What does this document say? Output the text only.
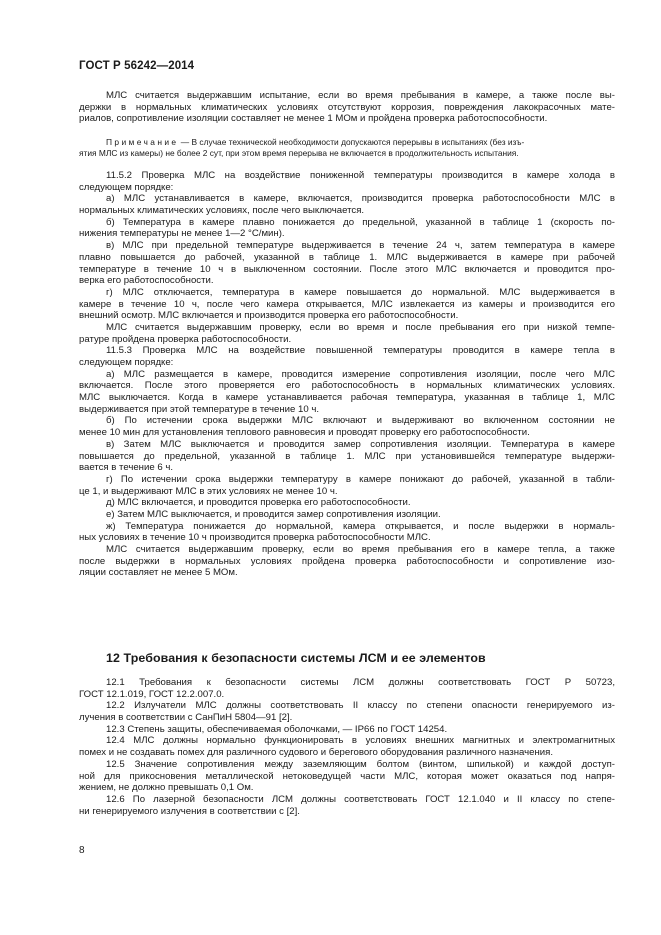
ГОСТ Р 56242—2014
МЛС считается выдержавшим испытание, если во время пребывания в камере, а также после вы-
держки в нормальных климатических условиях отсутствуют коррозия, повреждения лакокрасочных мате-
риалов, сопротивление изоляции составляет не менее 1 МОм и пройдена проверка работоспособности.
Примечание — В случае технической необходимости допускаются перерывы в испытаниях (без изъ-
ятия МЛС из камеры) не более 2 сут, при этом время перерыва не включается в продолжительность испытания.
11.5.2 Проверка МЛС на воздействие пониженной температуры производится в камере холода в
следующем порядке:
а) МЛС устанавливается в камере, включается, производится проверка работоспособности МЛС в
нормальных климатических условиях, после чего выключается.
б) Температура в камере плавно понижается до предельной, указанной в таблице 1 (скорость по-
нижения температуры не менее 1—2 °С/мин).
в) МЛС при предельной температуре выдерживается в течение 24 ч, затем температура в камере
плавно повышается до рабочей, указанной в таблице 1. МЛС выдерживается в камере при рабочей
температуре в течение 10 ч в выключенном состоянии. После этого МЛС включается и проводится про-
верка его работоспособности.
г) МЛС отключается, температура в камере повышается до нормальной. МЛС выдерживается в
камере в течение 10 ч, после чего камера открывается, МЛС извлекается из камеры и производится его
внешний осмотр. МЛС включается и производится проверка его работоспособности.
МЛС считается выдержавшим проверку, если во время и после пребывания его при низкой темпе-
ратуре пройдена проверка работоспособности.
11.5.3 Проверка МЛС на воздействие повышенной температуры проводится в камере тепла в
следующем порядке:
а) МЛС размещается в камере, проводится измерение сопротивления изоляции, после чего МЛС
включается. После этого проверяется его работоспособность в нормальных климатических условиях.
МЛС выключается. Когда в камере устанавливается рабочая температура, указанная в таблице 1, МЛС
выдерживается при этой температуре в течение 10 ч.
б) По истечении срока выдержки МЛС включают и выдерживают во включенном состоянии не
менее 10 мин для установления теплового равновесия и проводят проверку его работоспособности.
в) Затем МЛС выключается и проводится замер сопротивления изоляции. Температура в камере
повышается до предельной, указанной в таблице 1. МЛС при установившейся температуре выдержи-
вается в течение 6 ч.
г) По истечении срока выдержки температуру в камере понижают до рабочей, указанной в табли-
це 1, и выдерживают МЛС в этих условиях не менее 10 ч.
д) МЛС включается, и проводится проверка его работоспособности.
е) Затем МЛС выключается, и проводится замер сопротивления изоляции.
ж) Температура понижается до нормальной, камера открывается, и после выдержки в нормаль-
ных условиях в течение 10 ч производится проверка работоспособности МЛС.
МЛС считается выдержавшим проверку, если во время пребывания его в камере тепла, а также
после выдержки в нормальных условиях пройдена проверка работоспособности и сопротивление изо-
ляции составляет не менее 5 МОм.
12 Требования к безопасности системы ЛСМ и ее элементов
12.1 Требования к безопасности системы ЛСМ должны соответствовать ГОСТ Р 50723,
ГОСТ 12.1.019, ГОСТ 12.2.007.0.
12.2 Излучатели МЛС должны соответствовать II классу по степени опасности генерируемого из-
лучения в соответствии с СанПиН 5804—91 [2].
12.3 Степень защиты, обеспечиваемая оболочками, — IP66 по ГОСТ 14254.
12.4 МЛС должны нормально функционировать в условиях внешних магнитных и электромагнитных
помех и не создавать помех для различного судового и берегового оборудования различного назначения.
12.5 Значение сопротивления между заземляющим болтом (винтом, шпилькой) и каждой доступ-
ной для прикосновения металлической нетоковедущей части МЛС, которая может оказаться под напря-
жением, не должно превышать 0,1 Ом.
12.6 По лазерной безопасности ЛСМ должны соответствовать ГОСТ 12.1.040 и II классу по степе-
ни генерируемого излучения в соответствии с [2].
8
